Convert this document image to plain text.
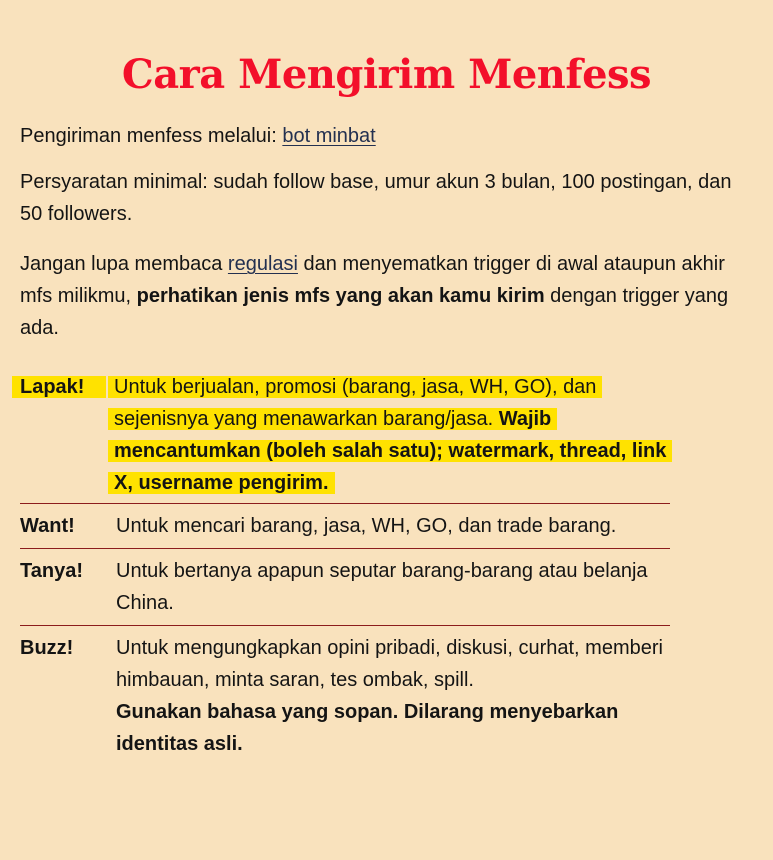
Cara Mengirim Menfess

Pengiriman menfess melalui: bot minbat

Persyaratan minimal: sudah follow base, umur akun 3 bulan, 100 postingan, dan 50 followers.

Jangan lupa membaca regulasi dan menyematkan trigger di awal ataupun akhir mfs milikmu, perhatikan jenis mfs yang akan kamu kirim dengan trigger yang ada.

Lapak!	Untuk berjualan, promosi (barang, jasa, WH, GO), dan sejenisnya yang menawarkan barang/jasa. Wajib mencantumkan (boleh salah satu); watermark, thread, link X, username pengirim.
Want!	Untuk mencari barang, jasa, WH, GO, dan trade barang.
Tanya!	Untuk bertanya apapun seputar barang-barang atau belanja China.
Buzz!	Untuk mengungkapkan opini pribadi, diskusi, curhat, memberi himbauan, minta saran, tes ombak, spill.
Gunakan bahasa yang sopan. Dilarang menyebarkan identitas asli.
